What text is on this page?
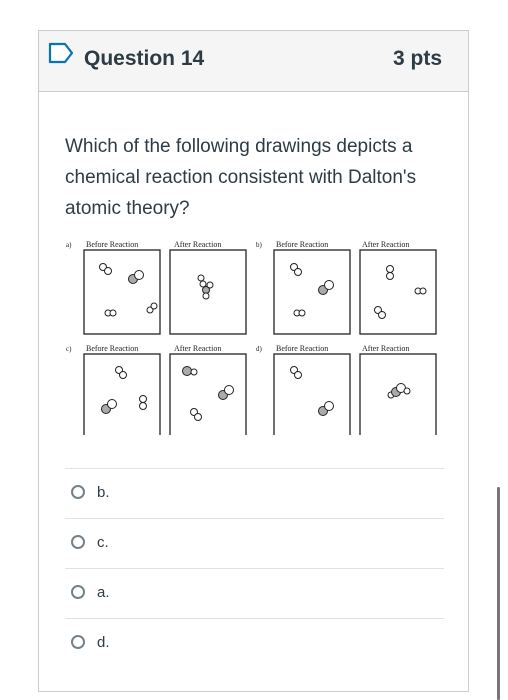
Question 14	3 pts
Which of the following drawings depicts a chemical reaction consistent with Dalton's atomic theory?
a) Before Reaction	After Reaction	b) Before Reaction	After Reaction
c) Before Reaction	After Reaction	d) Before Reaction	After Reaction
b.
c.
a.
d.
